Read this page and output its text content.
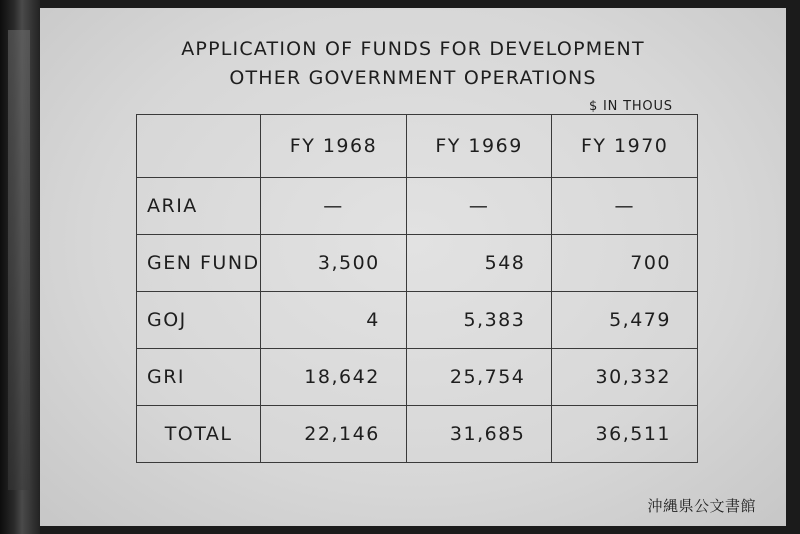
APPLICATION OF FUNDS FOR DEVELOPMENT
OTHER GOVERNMENT OPERATIONS
$ IN THOUS
	FY 1968	FY 1969	FY 1970
ARIA	—	—	—
GEN FUND	3,500	548	700
GOJ	4	5,383	5,479
GRI	18,642	25,754	30,332
TOTAL	22,146	31,685	36,511
沖縄県公文書館
